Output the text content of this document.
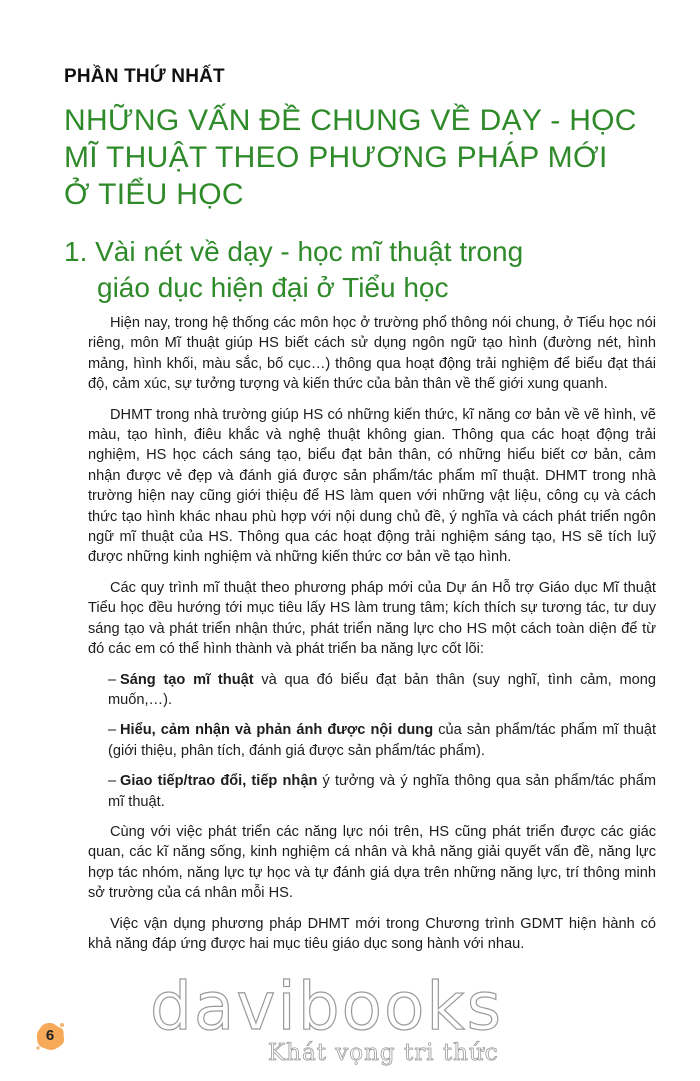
PHẦN THỨ NHẤT
NHỮNG VẤN ĐỀ CHUNG VỀ DẠY - HỌC
MĨ THUẬT THEO PHƯƠNG PHÁP MỚI
Ở TIỂU HỌC
1. Vài nét về dạy - học mĩ thuật trong
giáo dục hiện đại ở Tiểu học

Hiện nay, trong hệ thống các môn học ở trường phổ thông nói chung, ở Tiểu học nói riêng, môn Mĩ thuật giúp HS biết cách sử dụng ngôn ngữ tạo hình (đường nét, hình mảng, hình khối, màu sắc, bố cục…) thông qua hoạt động trải nghiệm để biểu đạt thái độ, cảm xúc, sự tưởng tượng và kiến thức của bản thân về thế giới xung quanh.

DHMT trong nhà trường giúp HS có những kiến thức, kĩ năng cơ bản về vẽ hình, vẽ màu, tạo hình, điêu khắc và nghệ thuật không gian. Thông qua các hoạt động trải nghiệm, HS học cách sáng tạo, biểu đạt bản thân, có những hiểu biết cơ bản, cảm nhận được vẻ đẹp và đánh giá được sản phẩm/tác phẩm mĩ thuật. DHMT trong nhà trường hiện nay cũng giới thiệu để HS làm quen với những vật liệu, công cụ và cách thức tạo hình khác nhau phù hợp với nội dung chủ đề, ý nghĩa và cách phát triển ngôn ngữ mĩ thuật của HS. Thông qua các hoạt động trải nghiệm sáng tạo, HS sẽ tích luỹ được những kinh nghiệm và những kiến thức cơ bản về tạo hình.

Các quy trình mĩ thuật theo phương pháp mới của Dự án Hỗ trợ Giáo dục Mĩ thuật Tiểu học đều hướng tới mục tiêu lấy HS làm trung tâm; kích thích sự tương tác, tư duy sáng tạo và phát triển nhận thức, phát triển năng lực cho HS một cách toàn diện để từ đó các em có thể hình thành và phát triển ba năng lực cốt lõi:

– Sáng tạo mĩ thuật và qua đó biểu đạt bản thân (suy nghĩ, tình cảm, mong muốn,…).
– Hiểu, cảm nhận và phản ánh được nội dung của sản phẩm/tác phẩm mĩ thuật (giới thiệu, phân tích, đánh giá được sản phẩm/tác phẩm).
– Giao tiếp/trao đổi, tiếp nhận ý tưởng và ý nghĩa thông qua sản phẩm/tác phẩm mĩ thuật.

Cùng với việc phát triển các năng lực nói trên, HS cũng phát triển được các giác quan, các kĩ năng sống, kinh nghiệm cá nhân và khả năng giải quyết vấn đề, năng lực hợp tác nhóm, năng lực tự học và tự đánh giá dựa trên những năng lực, trí thông minh sở trường của cá nhân mỗi HS.

Việc vận dụng phương pháp DHMT mới trong Chương trình GDMT hiện hành có khả năng đáp ứng được hai mục tiêu giáo dục song hành với nhau.

davibooks
Khát vọng tri thức
6
